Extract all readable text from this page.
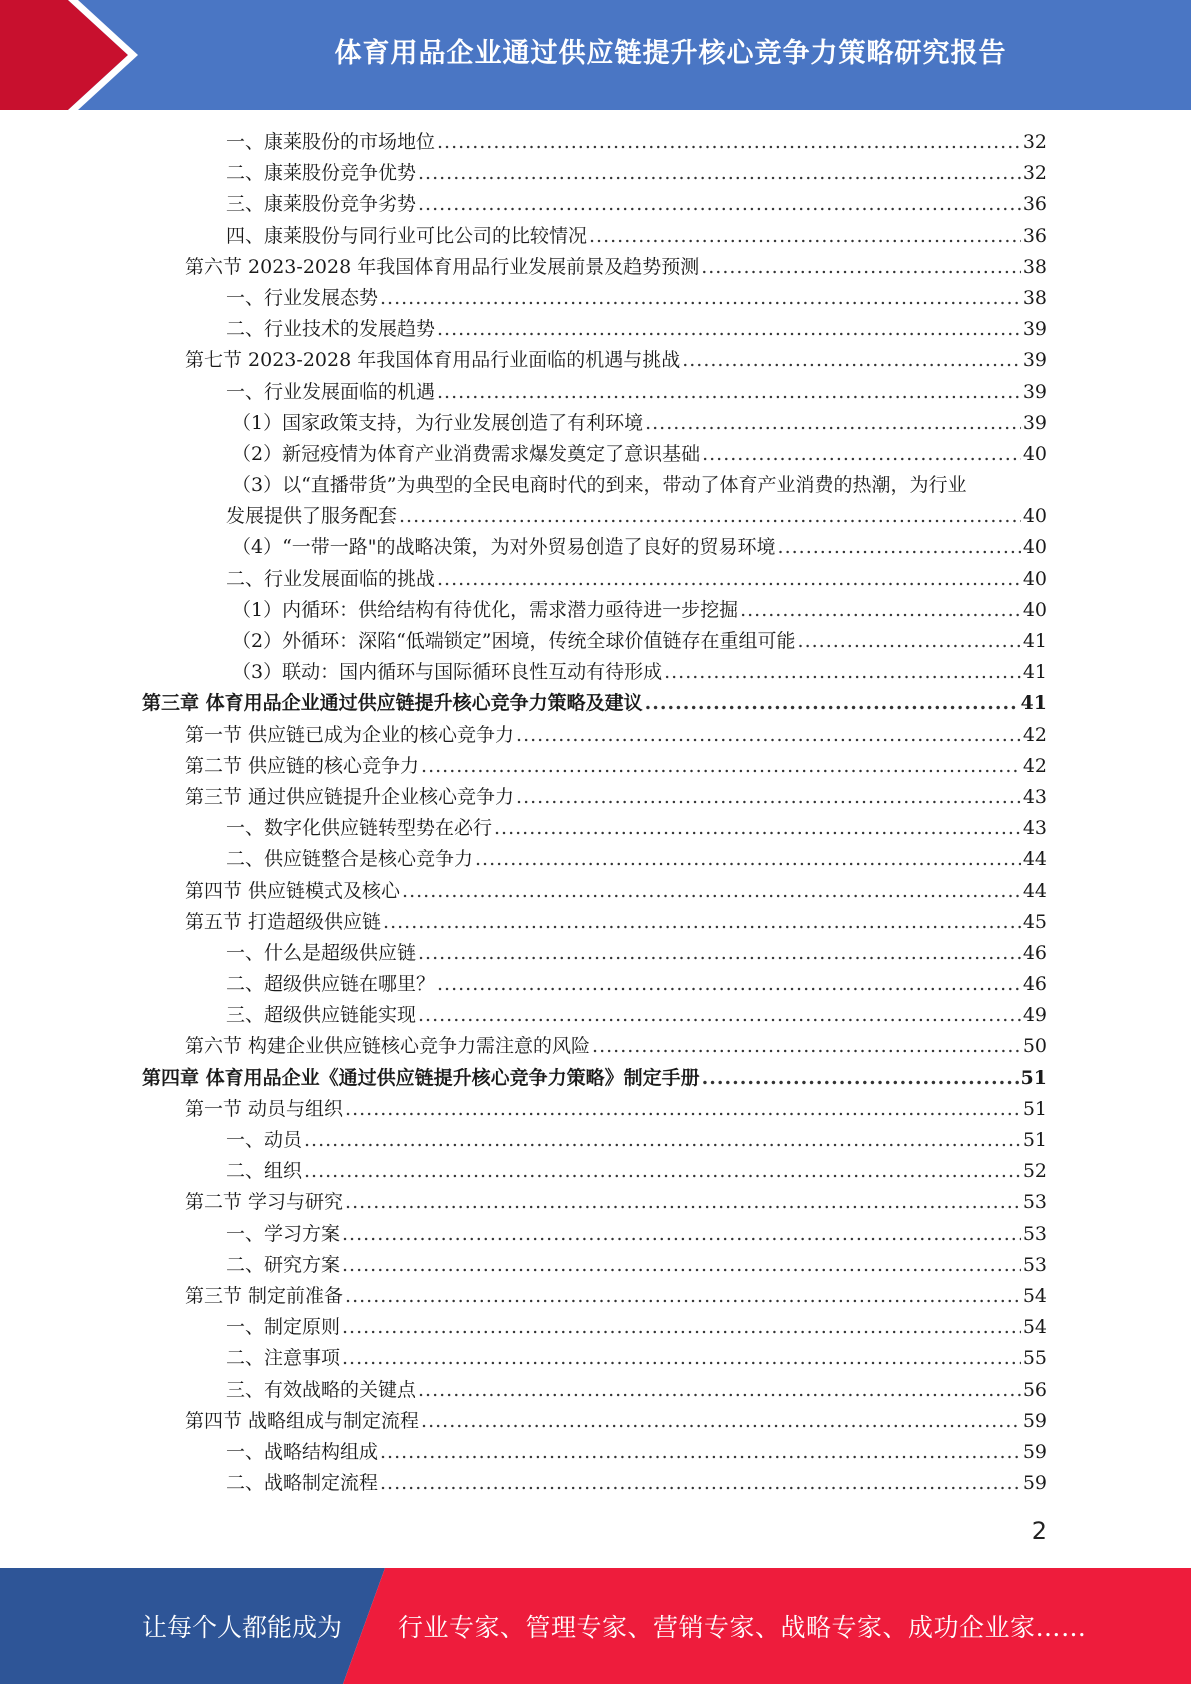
体育用品企业通过供应链提升核心竞争力策略研究报告
一、康莱股份的市场地位 .....	32
二、康莱股份竞争优势 .....	32
三、康莱股份竞争劣势 .....	36
四、康莱股份与同行业可比公司的比较情况 .....	36
第六节 2023-2028 年我国体育用品行业发展前景及趋势预测 .....	38
一、行业发展态势 .....	38
二、行业技术的发展趋势 .....	39
第七节 2023-2028 年我国体育用品行业面临的机遇与挑战 .....	39
一、行业发展面临的机遇 .....	39
（1）国家政策支持，为行业发展创造了有利环境 .....	39
（2）新冠疫情为体育产业消费需求爆发奠定了意识基础 .....	40
（3）以“直播带货”为典型的全民电商时代的到来，带动了体育产业消费的热潮，为行业
发展提供了服务配套 .....	40
（4）“一带一路"的战略决策，为对外贸易创造了良好的贸易环境 .....	40
二、行业发展面临的挑战 .....	40
（1）内循环：供给结构有待优化，需求潜力亟待进一步挖掘 .....	40
（2）外循环：深陷“低端锁定”困境，传统全球价值链存在重组可能 .....	41
（3）联动：国内循环与国际循环良性互动有待形成 .....	41
第三章 体育用品企业通过供应链提升核心竞争力策略及建议 .....	41
第一节 供应链已成为企业的核心竞争力 .....	42
第二节 供应链的核心竞争力 .....	42
第三节 通过供应链提升企业核心竞争力 .....	43
一、数字化供应链转型势在必行 .....	43
二、供应链整合是核心竞争力 .....	44
第四节 供应链模式及核心 .....	44
第五节 打造超级供应链 .....	45
一、什么是超级供应链 .....	46
二、超级供应链在哪里？ .....	46
三、超级供应链能实现 .....	49
第六节 构建企业供应链核心竞争力需注意的风险 .....	50
第四章 体育用品企业《通过供应链提升核心竞争力策略》制定手册 .....	51
第一节 动员与组织 .....	51
一、动员 .....	51
二、组织 .....	52
第二节 学习与研究 .....	53
一、学习方案 .....	53
二、研究方案 .....	53
第三节 制定前准备 .....	54
一、制定原则 .....	54
二、注意事项 .....	55
三、有效战略的关键点 .....	56
第四节 战略组成与制定流程 .....	59
一、战略结构组成 .....	59
二、战略制定流程 .....	59
2
让每个人都能成为 行业专家、管理专家、营销专家、战略专家、成功企业家……
